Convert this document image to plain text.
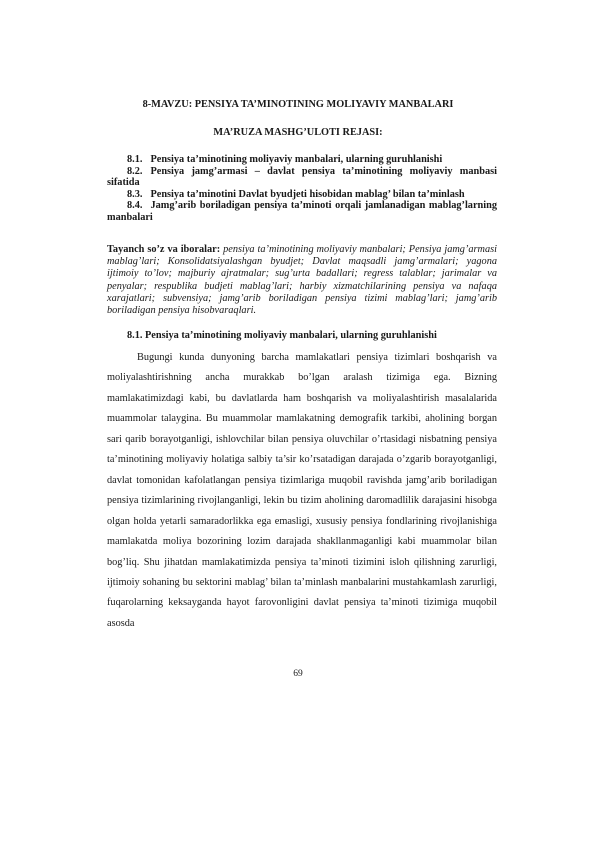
8-MAVZU: PENSIYA TA’MINOTINING MOLIYAVIY MANBALARI
MA’RUZA MASHG’ULOTI REJASI:
8.1. Pensiya ta’minotining moliyaviy manbalari, ularning guruhlanishi
8.2. Pensiya jamg’armasi – davlat pensiya ta’minotining moliyaviy manbasi sifatida
8.3. Pensiya ta’minotini Davlat byudjeti hisobidan mablag’ bilan ta’minlash
8.4. Jamg’arib boriladigan pensiya ta’minoti orqali jamlanadigan mablag’larning manbalari
Tayanch so’z va iboralar: pensiya ta’minotining moliyaviy manbalari; Pensiya jamg’armasi mablag’lari; Konsolidatsiyalashgan byudjet; Davlat maqsadli jamg’armalari; yagona ijtimoiy to’lov; majburiy ajratmalar; sug’urta badallari; regress talablar; jarimalar va penyalar; respublika budjeti mablag’lari; harbiy xizmatchilarining pensiya va nafaqa xarajatlari; subvensiya; jamg’arib boriladigan pensiya tizimi mablag’lari; jamg’arib boriladigan pensiya hisobvaraqlari.
8.1. Pensiya ta’minotining moliyaviy manbalari, ularning guruhlanishi
Bugungi kunda dunyoning barcha mamlakatlari pensiya tizimlari boshqarish va moliyalashtirishning ancha murakkab bo’lgan aralash tizimiga ega. Bizning mamlakatimizdagi kabi, bu davlatlarda ham boshqarish va moliyalashtirish masalalarida muammolar talaygina. Bu muammolar mamlakatning demografik tarkibi, aholining borgan sari qarib borayotganligi, ishlovchilar bilan pensiya oluvchilar o’rtasidagi nisbatning pensiya ta’minotining moliyaviy holatiga salbiy ta’sir ko’rsatadigan darajada o’zgarib borayotganligi, davlat tomonidan kafolatlangan pensiya tizimlariga muqobil ravishda jamg’arib boriladigan pensiya tizimlarining rivojlanganligi, lekin bu tizim aholining daromadlilik darajasini hisobga olgan holda yetarli samaradorlikka ega emasligi, xususiy pensiya fondlarining rivojlanishiga mamlakatda moliya bozorining lozim darajada shakllanmaganligi kabi muammolar bilan bog’liq. Shu jihatdan mamlakatimizda pensiya ta’minoti tizimini isloh qilishning zarurligi, ijtimoiy sohaning bu sektorini mablag’ bilan ta’minlash manbalarini mustahkamlash zarurligi, fuqarolarning keksayganda hayot farovonligini davlat pensiya ta’minoti tizimiga muqobil asosda
69
